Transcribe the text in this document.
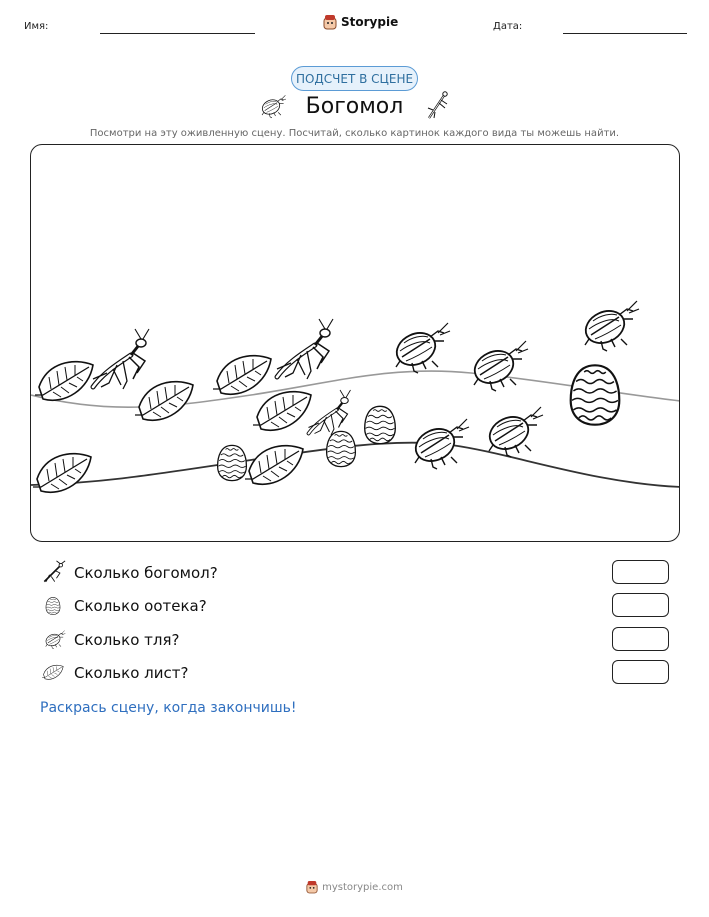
Имя:	Storypie	Дата:
ПОДСЧЕТ В СЦЕНЕ
Богомол
Посмотри на эту оживленную сцену. Посчитай, сколько картинок каждого вида ты можешь найти.
Сколько богомол?
Сколько оотека?
Сколько тля?
Сколько лист?
Раскрась сцену, когда закончишь!
mystorypie.com
